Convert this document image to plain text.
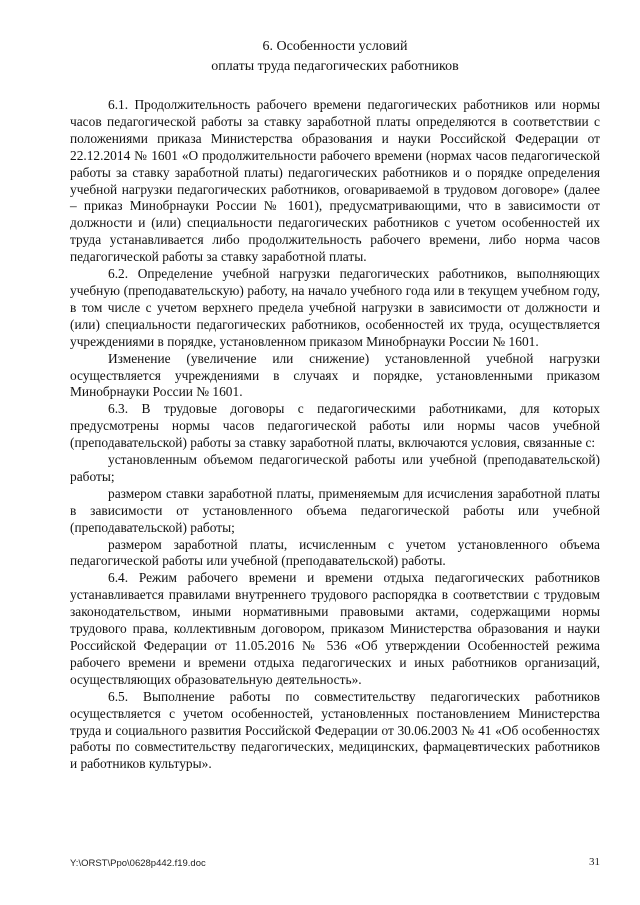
6. Особенности условий
оплаты труда педагогических работников

6.1. Продолжительность рабочего времени педагогических работников или нормы часов педагогической работы за ставку заработной платы определяются в соответствии с положениями приказа Министерства образования и науки Российской Федерации от 22.12.2014 № 1601 «О продолжительности рабочего времени (нормах часов педагогической работы за ставку заработной платы) педагогических работников и о порядке определения учебной нагрузки педагогических работников, оговариваемой в трудовом договоре» (далее – приказ Минобрнауки России № 1601), предусматривающими, что в зависимости от должности и (или) специальности педагогических работников с учетом особенностей их труда устанавливается либо продолжительность рабочего времени, либо норма часов педагогической работы за ставку заработной платы.

6.2. Определение учебной нагрузки педагогических работников, выполняющих учебную (преподавательскую) работу, на начало учебного года или в текущем учебном году, в том числе с учетом верхнего предела учебной нагрузки в зависимости от должности и (или) специальности педагогических работников, особенностей их труда, осуществляется учреждениями в порядке, установленном приказом Минобрнауки России № 1601.

Изменение (увеличение или снижение) установленной учебной нагрузки осуществляется учреждениями в случаях и порядке, установленными приказом Минобрнауки России № 1601.

6.3. В трудовые договоры с педагогическими работниками, для которых предусмотрены нормы часов педагогической работы или нормы часов учебной (преподавательской) работы за ставку заработной платы, включаются условия, связанные с:

установленным объемом педагогической работы или учебной (преподавательской) работы;

размером ставки заработной платы, применяемым для исчисления заработной платы в зависимости от установленного объема педагогической работы или учебной (преподавательской) работы;

размером заработной платы, исчисленным с учетом установленного объема педагогической работы или учебной (преподавательской) работы.

6.4. Режим рабочего времени и времени отдыха педагогических работников устанавливается правилами внутреннего трудового распорядка в соответствии с трудовым законодательством, иными нормативными правовыми актами, содержащими нормы трудового права, коллективным договором, приказом Министерства образования и науки Российской Федерации от 11.05.2016 № 536 «Об утверждении Особенностей режима рабочего времени и времени отдыха педагогических и иных работников организаций, осуществляющих образовательную деятельность».

6.5. Выполнение работы по совместительству педагогических работников осуществляется с учетом особенностей, установленных постановлением Министерства труда и социального развития Российской Федерации от 30.06.2003 № 41 «Об особенностях работы по совместительству педагогических, медицинских, фармацевтических работников и работников культуры».

Y:\ORST\Ppo\0628p442.f19.doc	31
